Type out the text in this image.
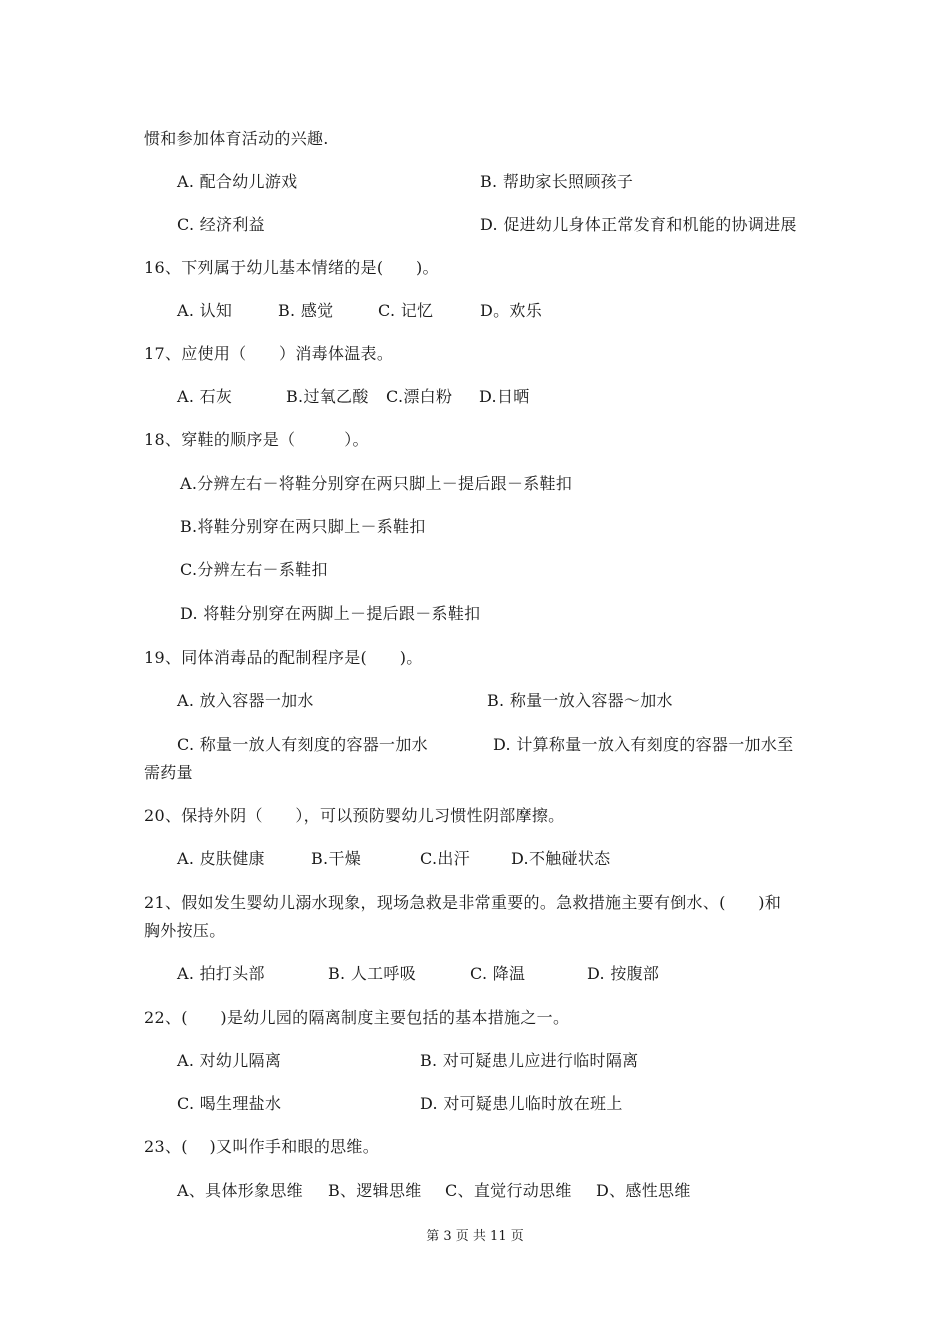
惯和参加体育活动的兴趣.
A. 配合幼儿游戏	B. 帮助家长照顾孩子
C. 经济利益	D. 促进幼儿身体正常发育和机能的协调进展
16、下列属于幼儿基本情绪的是(　　)。
A. 认知	B. 感觉	C. 记忆	D。欢乐
17、应使用（　　）消毒体温表。
A. 石灰	B.过氧乙酸 C.漂白粉 D.日晒
18、穿鞋的顺序是（　　　）。
A.分辨左右－将鞋分别穿在两只脚上－提后跟－系鞋扣
B.将鞋分别穿在两只脚上－系鞋扣
C.分辨左右－系鞋扣
D. 将鞋分别穿在两脚上－提后跟－系鞋扣
19、同体消毒品的配制程序是(　　)。
A. 放入容器一加水	B. 称量一放入容器～加水
C. 称量一放人有刻度的容器一加水	D. 计算称量一放入有刻度的容器一加水至
需药量
20、保持外阴（　　），可以预防婴幼儿习惯性阴部摩擦。
A. 皮肤健康	B.干燥	C.出汗	D.不触碰状态
21、假如发生婴幼儿溺水现象，现场急救是非常重要的。急救措施主要有倒水、(　　)和
胸外按压。
A. 拍打头部	B. 人工呼吸	C. 降温	D. 按腹部
22、(　　)是幼儿园的隔离制度主要包括的基本措施之一。
A. 对幼儿隔离	B. 对可疑患儿应进行临时隔离
C. 喝生理盐水	D. 对可疑患儿临时放在班上
23、(　 )又叫作手和眼的思维。
A、具体形象思维 B、逻辑思维 C、直觉行动思维 D、感性思维
第 3 页 共 11 页
